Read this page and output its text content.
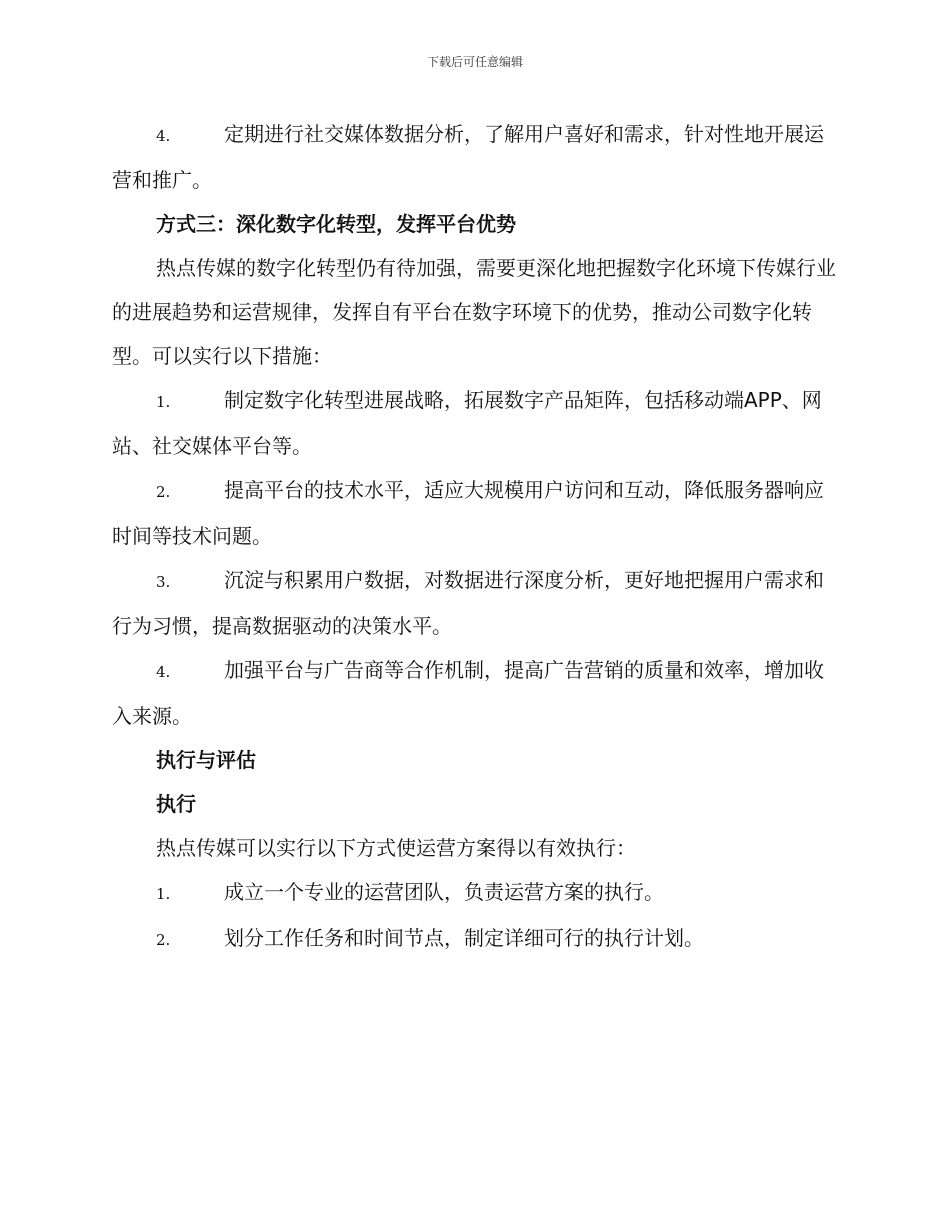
下载后可任意编辑

4.	定期进行社交媒体数据分析，了解用户喜好和需求，针对性地开展运营和推广。

方式三：深化数字化转型，发挥平台优势

热点传媒的数字化转型仍有待加强，需要更深化地把握数字化环境下传媒行业的进展趋势和运营规律，发挥自有平台在数字环境下的优势，推动公司数字化转型。可以实行以下措施：

1.	制定数字化转型进展战略，拓展数字产品矩阵，包括移动端APP、网站、社交媒体平台等。

2.	提高平台的技术水平，适应大规模用户访问和互动，降低服务器响应时间等技术问题。

3.	沉淀与积累用户数据，对数据进行深度分析，更好地把握用户需求和行为习惯，提高数据驱动的决策水平。

4.	加强平台与广告商等合作机制，提高广告营销的质量和效率，增加收入来源。

执行与评估

执行

热点传媒可以实行以下方式使运营方案得以有效执行：

1.	成立一个专业的运营团队，负责运营方案的执行。

2.	划分工作任务和时间节点，制定详细可行的执行计划。
